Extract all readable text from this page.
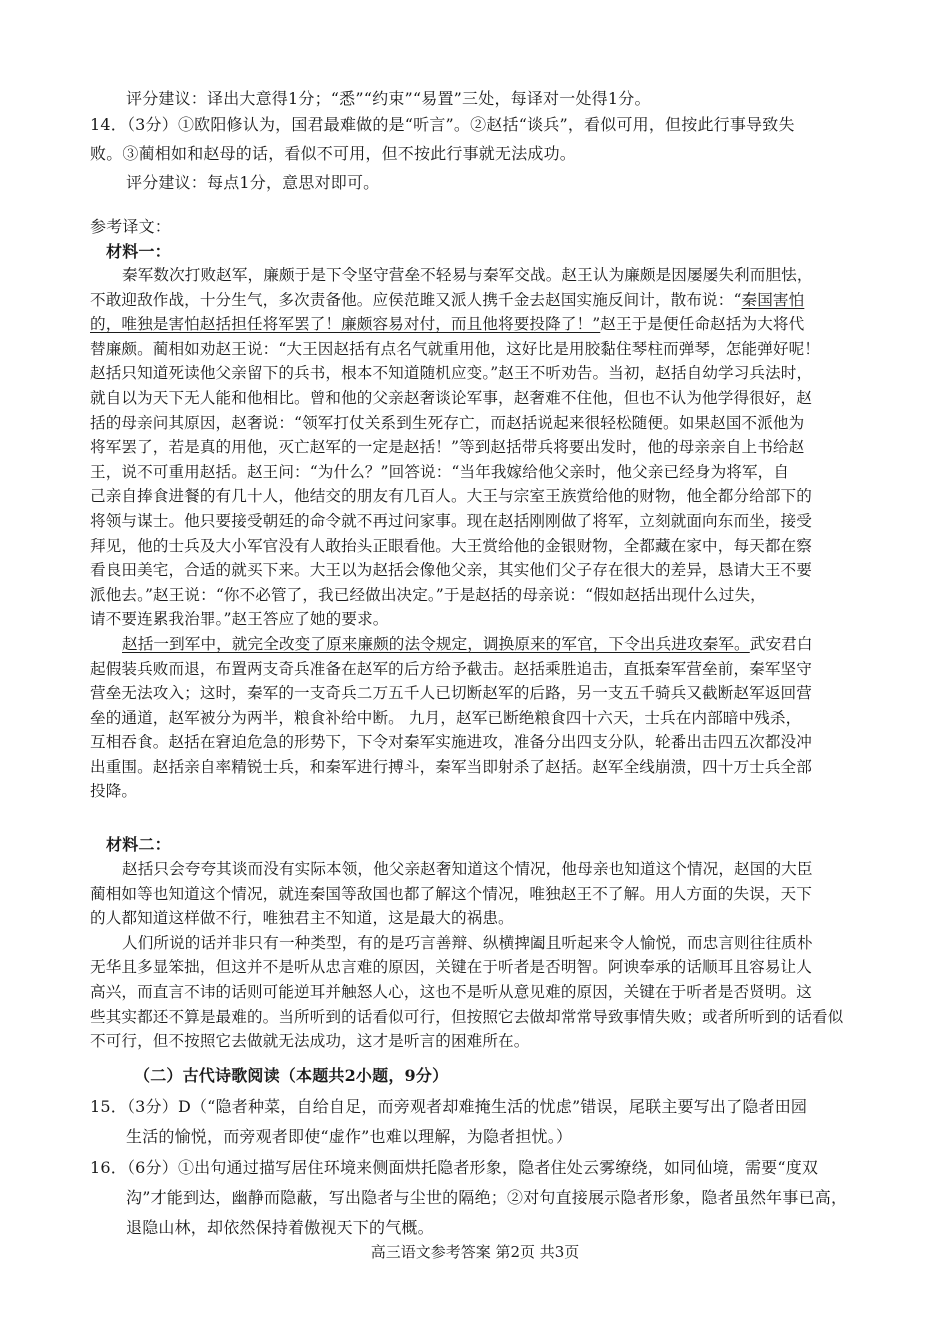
评分建议：译出大意得1分；“悉”“约束”“易置”三处，每译对一处得1分。

14．（3分）①欧阳修认为，国君最难做的是“听言”。②赵括“谈兵”，看似可用，但按此行事导致失

败。③蔺相如和赵母的话，看似不可用，但不按此行事就无法成功。

评分建议：每点1分，意思对即可。

参考译文：

材料一：

秦军数次打败赵军，廉颇于是下令坚守营垒不轻易与秦军交战。赵王认为廉颇是因屡屡失利而胆怯，

不敢迎敌作战，十分生气，多次责备他。应侯范雎又派人携千金去赵国实施反间计，散布说：“秦国害怕

的，唯独是害怕赵括担任将军罢了！廉颇容易对付，而且他将要投降了！”赵王于是便任命赵括为大将代

替廉颇。蔺相如劝赵王说：“大王因赵括有点名气就重用他，这好比是用胶黏住琴柱而弹琴，怎能弹好呢！

赵括只知道死读他父亲留下的兵书，根本不知道随机应变。”赵王不听劝告。当初，赵括自幼学习兵法时，

就自以为天下无人能和他相比。曾和他的父亲赵奢谈论军事，赵奢难不住他，但也不认为他学得很好，赵

括的母亲问其原因，赵奢说：“领军打仗关系到生死存亡，而赵括说起来很轻松随便。如果赵国不派他为

将军罢了，若是真的用他，灭亡赵军的一定是赵括！”等到赵括带兵将要出发时，他的母亲亲自上书给赵

王，说不可重用赵括。赵王问：“为什么？”回答说：“当年我嫁给他父亲时，他父亲已经身为将军，自

己亲自捧食进餐的有几十人，他结交的朋友有几百人。大王与宗室王族赏给他的财物，他全都分给部下的

将领与谋士。他只要接受朝廷的命令就不再过问家事。现在赵括刚刚做了将军，立刻就面向东而坐，接受

拜见，他的士兵及大小军官没有人敢抬头正眼看他。大王赏给他的金银财物，全都藏在家中，每天都在察

看良田美宅，合适的就买下来。大王以为赵括会像他父亲，其实他们父子存在很大的差异，恳请大王不要

派他去。”赵王说：“你不必管了，我已经做出决定。”于是赵括的母亲说：“假如赵括出现什么过失，

请不要连累我治罪。”赵王答应了她的要求。

赵括一到军中，就完全改变了原来廉颇的法令规定，调换原来的军官，下令出兵进攻秦军。武安君白

起假装兵败而退，布置两支奇兵准备在赵军的后方给予截击。赵括乘胜追击，直抵秦军营垒前，秦军坚守

营垒无法攻入；这时，秦军的一支奇兵二万五千人已切断赵军的后路，另一支五千骑兵又截断赵军返回营

垒的通道，赵军被分为两半，粮食补给中断。 九月，赵军已断绝粮食四十六天，士兵在内部暗中残杀，

互相吞食。赵括在窘迫危急的形势下，下令对秦军实施进攻，准备分出四支分队，轮番出击四五次都没冲

出重围。赵括亲自率精锐士兵，和秦军进行搏斗，秦军当即射杀了赵括。赵军全线崩溃，四十万士兵全部

投降。

材料二：

赵括只会夸夸其谈而没有实际本领，他父亲赵奢知道这个情况，他母亲也知道这个情况，赵国的大臣

蔺相如等也知道这个情况，就连秦国等敌国也都了解这个情况，唯独赵王不了解。用人方面的失误，天下

的人都知道这样做不行，唯独君主不知道，这是最大的祸患。

人们所说的话并非只有一种类型，有的是巧言善辩、纵横捭阖且听起来令人愉悦，而忠言则往往质朴

无华且多显笨拙，但这并不是听从忠言难的原因，关键在于听者是否明智。阿谀奉承的话顺耳且容易让人

高兴，而直言不讳的话则可能逆耳并触怒人心，这也不是听从意见难的原因，关键在于听者是否贤明。这

些其实都还不算是最难的。当所听到的话看似可行，但按照它去做却常常导致事情失败；或者所听到的话看似

不可行，但不按照它去做就无法成功，这才是听言的困难所在。

（二）古代诗歌阅读（本题共2小题，9分）

15．（3分）D（“隐者种菜，自给自足，而旁观者却难掩生活的忧虑”错误，尾联主要写出了隐者田园

生活的愉悦，而旁观者即使“虚作”也难以理解，为隐者担忧。）

16．（6分）①出句通过描写居住环境来侧面烘托隐者形象，隐者住处云雾缭绕，如同仙境，需要“度双

沟”才能到达，幽静而隐蔽，写出隐者与尘世的隔绝；②对句直接展示隐者形象，隐者虽然年事已高，

退隐山林，却依然保持着傲视天下的气概。

高三语文参考答案 第2页 共3页
